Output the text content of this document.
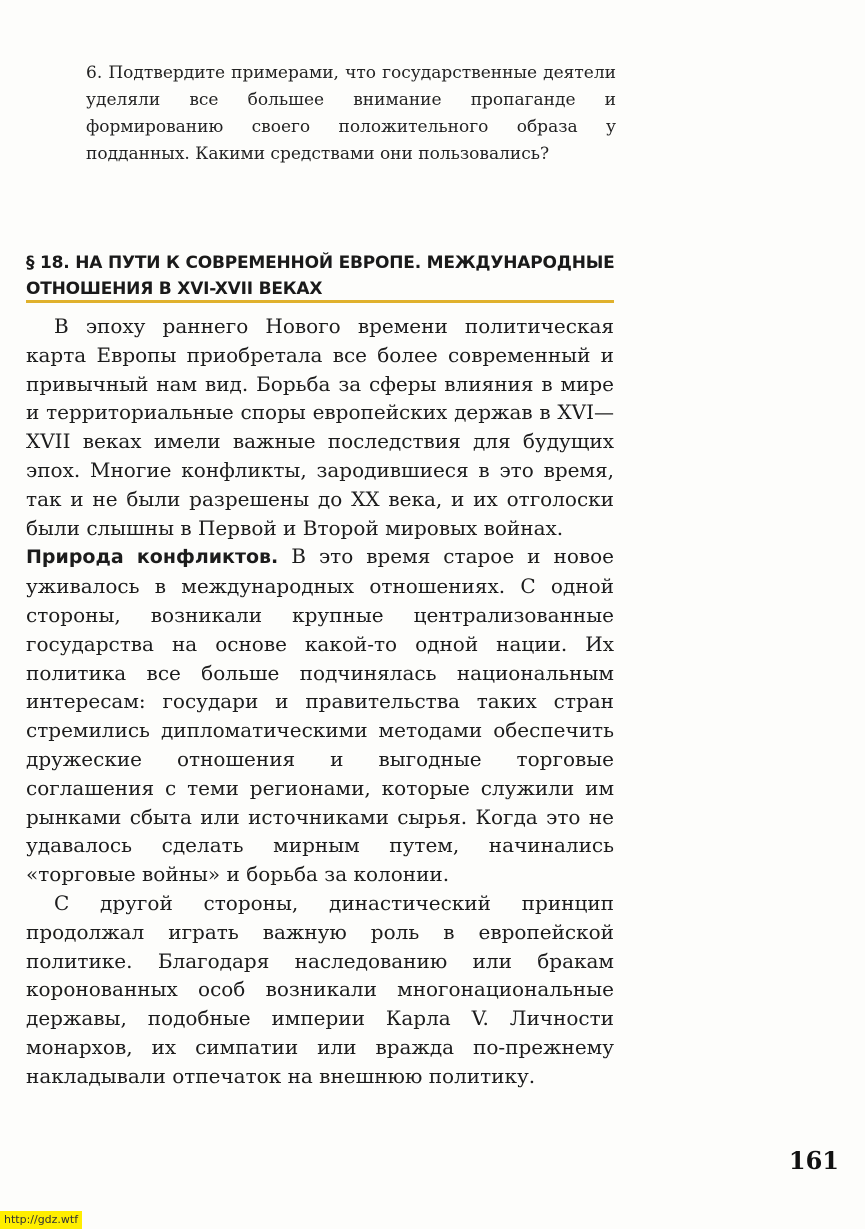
6. Подтвердите примерами, что государственные деятели уделяли все большее внимание пропаганде и формированию своего положительного образа у подданных. Какими средствами они пользовались?
§ 18. НА ПУТИ К СОВРЕМЕННОЙ ЕВРОПЕ. МЕЖДУНАРОДНЫЕ ОТНОШЕНИЯ В XVI-XVII ВЕКАХ

В эпоху раннего Нового времени политическая карта Европы приобретала все более современный и привычный нам вид. Борьба за сферы влияния в мире и территориальные споры европейских держав в XVI—XVII веках имели важные последствия для будущих эпох. Многие конфликты, зародившиеся в это время, так и не были разрешены до XX века, и их отголоски были слышны в Первой и Второй мировых войнах.

Природа конфликтов. В это время старое и новое уживалось в международных отношениях. С одной стороны, возникали крупные централизованные государства на основе какой-то одной нации. Их политика все больше подчинялась национальным интересам: государи и правительства таких стран стремились дипломатическими методами обеспечить дружеские отношения и выгодные торговые соглашения с теми регионами, которые служили им рынками сбыта или источниками сырья. Когда это не удавалось сделать мирным путем, начинались «торговые войны» и борьба за колонии.

С другой стороны, династический принцип продолжал играть важную роль в европейской политике. Благодаря наследованию или бракам коронованных особ возникали многонациональные державы, подобные империи Карла V. Личности монархов, их симпатии или вражда по-прежнему накладывали отпечаток на внешнюю политику.

161
http://gdz.wtf
